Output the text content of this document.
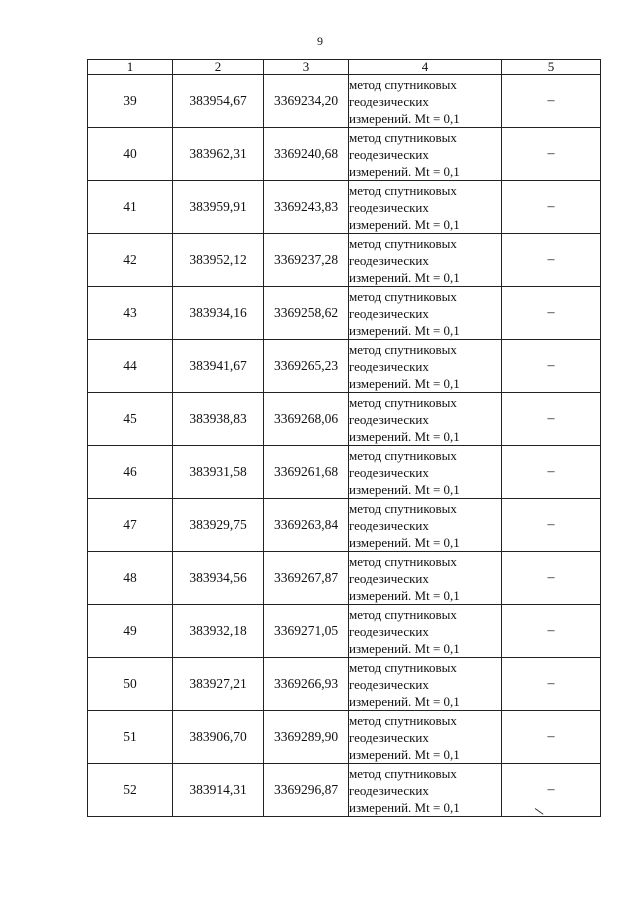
9
1	2	3	4	5
39	383954,67	3369234,20	метод спутниковых
геодезических
измерений. Mt = 0,1	–
40	383962,31	3369240,68	метод спутниковых
геодезических
измерений. Mt = 0,1	–
41	383959,91	3369243,83	метод спутниковых
геодезических
измерений. Mt = 0,1	–
42	383952,12	3369237,28	метод спутниковых
геодезических
измерений. Mt = 0,1	–
43	383934,16	3369258,62	метод спутниковых
геодезических
измерений. Mt = 0,1	–
44	383941,67	3369265,23	метод спутниковых
геодезических
измерений. Mt = 0,1	–
45	383938,83	3369268,06	метод спутниковых
геодезических
измерений. Mt = 0,1	–
46	383931,58	3369261,68	метод спутниковых
геодезических
измерений. Mt = 0,1	–
47	383929,75	3369263,84	метод спутниковых
геодезических
измерений. Mt = 0,1	–
48	383934,56	3369267,87	метод спутниковых
геодезических
измерений. Mt = 0,1	–
49	383932,18	3369271,05	метод спутниковых
геодезических
измерений. Mt = 0,1	–
50	383927,21	3369266,93	метод спутниковых
геодезических
измерений. Mt = 0,1	–
51	383906,70	3369289,90	метод спутниковых
геодезических
измерений. Mt = 0,1	–
52	383914,31	3369296,87	метод спутниковых
геодезических
измерений. Mt = 0,1	–
